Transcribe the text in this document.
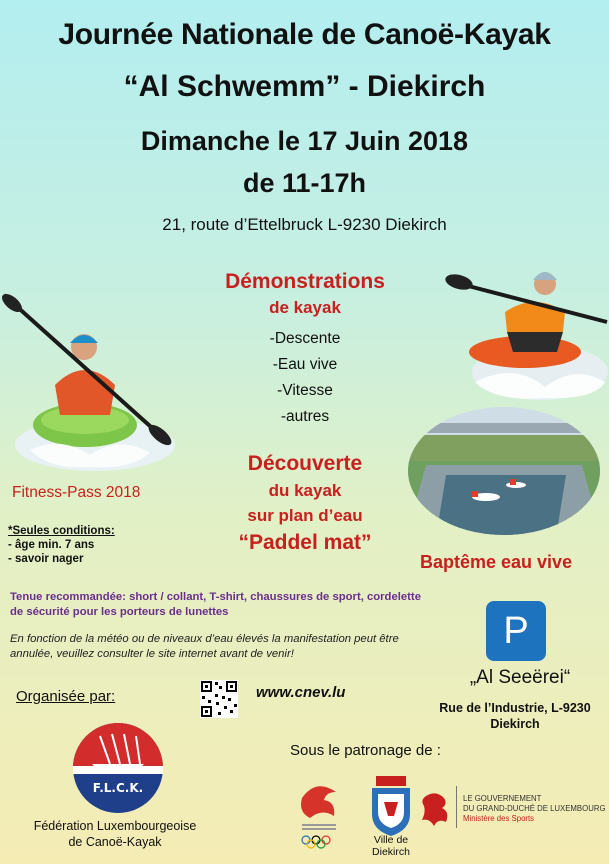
Journée Nationale de Canoë-Kayak
“Al Schwemm” - Diekirch
Dimanche le 17 Juin 2018
de 11-17h
21, route d’Ettelbruck L-9230 Diekirch
Démonstrations
de kayak
-Descente
-Eau vive
-Vitesse
-autres
Découverte
du kayak
sur plan d’eau
“Paddel mat”
Fitness-Pass 2018
*Seules conditions:
- âge min. 7 ans
- savoir nager	Baptême eau vive
Tenue recommandée: short / collant, T-shirt, chaussures de sport, cordelette de sécurité pour les porteurs de lunettes
En fonction de la météo ou de niveaux d’eau élevés la manifestation peut être annulée, veuillez consulter le site internet avant de venir!
P
„Al Seeërei“
Rue de l’Industrie, L-9230
Diekirch
Organisée par:	www.cnev.lu
Sous le patronage de :
F.L.C.K.
Fédération Luxembourgeoise
de Canoë-Kayak	Ville de Diekirch
LE GOUVERNEMENT
DU GRAND-DUCHÉ DE LUXEMBOURG
Ministère des Sports
